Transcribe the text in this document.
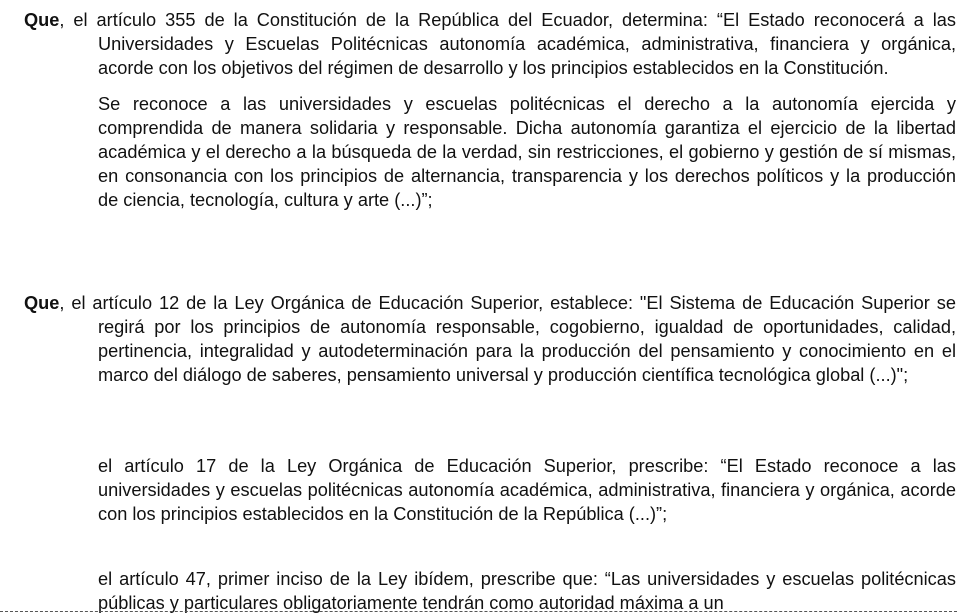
Que, el artículo 355 de la Constitución de la República del Ecuador, determina: “El Estado reconocerá a las Universidades y Escuelas Politécnicas autonomía académica, administrativa, financiera y orgánica, acorde con los objetivos del régimen de desarrollo y los principios establecidos en la Constitución.

Se reconoce a las universidades y escuelas politécnicas el derecho a la autonomía ejercida y comprendida de manera solidaria y responsable. Dicha autonomía garantiza el ejercicio de la libertad académica y el derecho a la búsqueda de la verdad, sin restricciones, el gobierno y gestión de sí mismas, en consonancia con los principios de alternancia, transparencia y los derechos políticos y la producción de ciencia, tecnología, cultura y arte (...)”;

Que, el artículo 12 de la Ley Orgánica de Educación Superior, establece: "El Sistema de Educación Superior se regirá por los principios de autonomía responsable, cogobierno, igualdad de oportunidades, calidad, pertinencia, integralidad y autodeterminación para la producción del pensamiento y conocimiento en el marco del diálogo de saberes, pensamiento universal y producción científica tecnológica global (...)";

el artículo 17 de la Ley Orgánica de Educación Superior, prescribe: “El Estado reconoce a las universidades y escuelas politécnicas autonomía académica, administrativa, financiera y orgánica, acorde con los principios establecidos en la Constitución de la República (...)”;

el artículo 47, primer inciso de la Ley ibídem, prescribe que: “Las universidades y escuelas politécnicas públicas y particulares obligatoriamente tendrán como autoridad máxima a un
